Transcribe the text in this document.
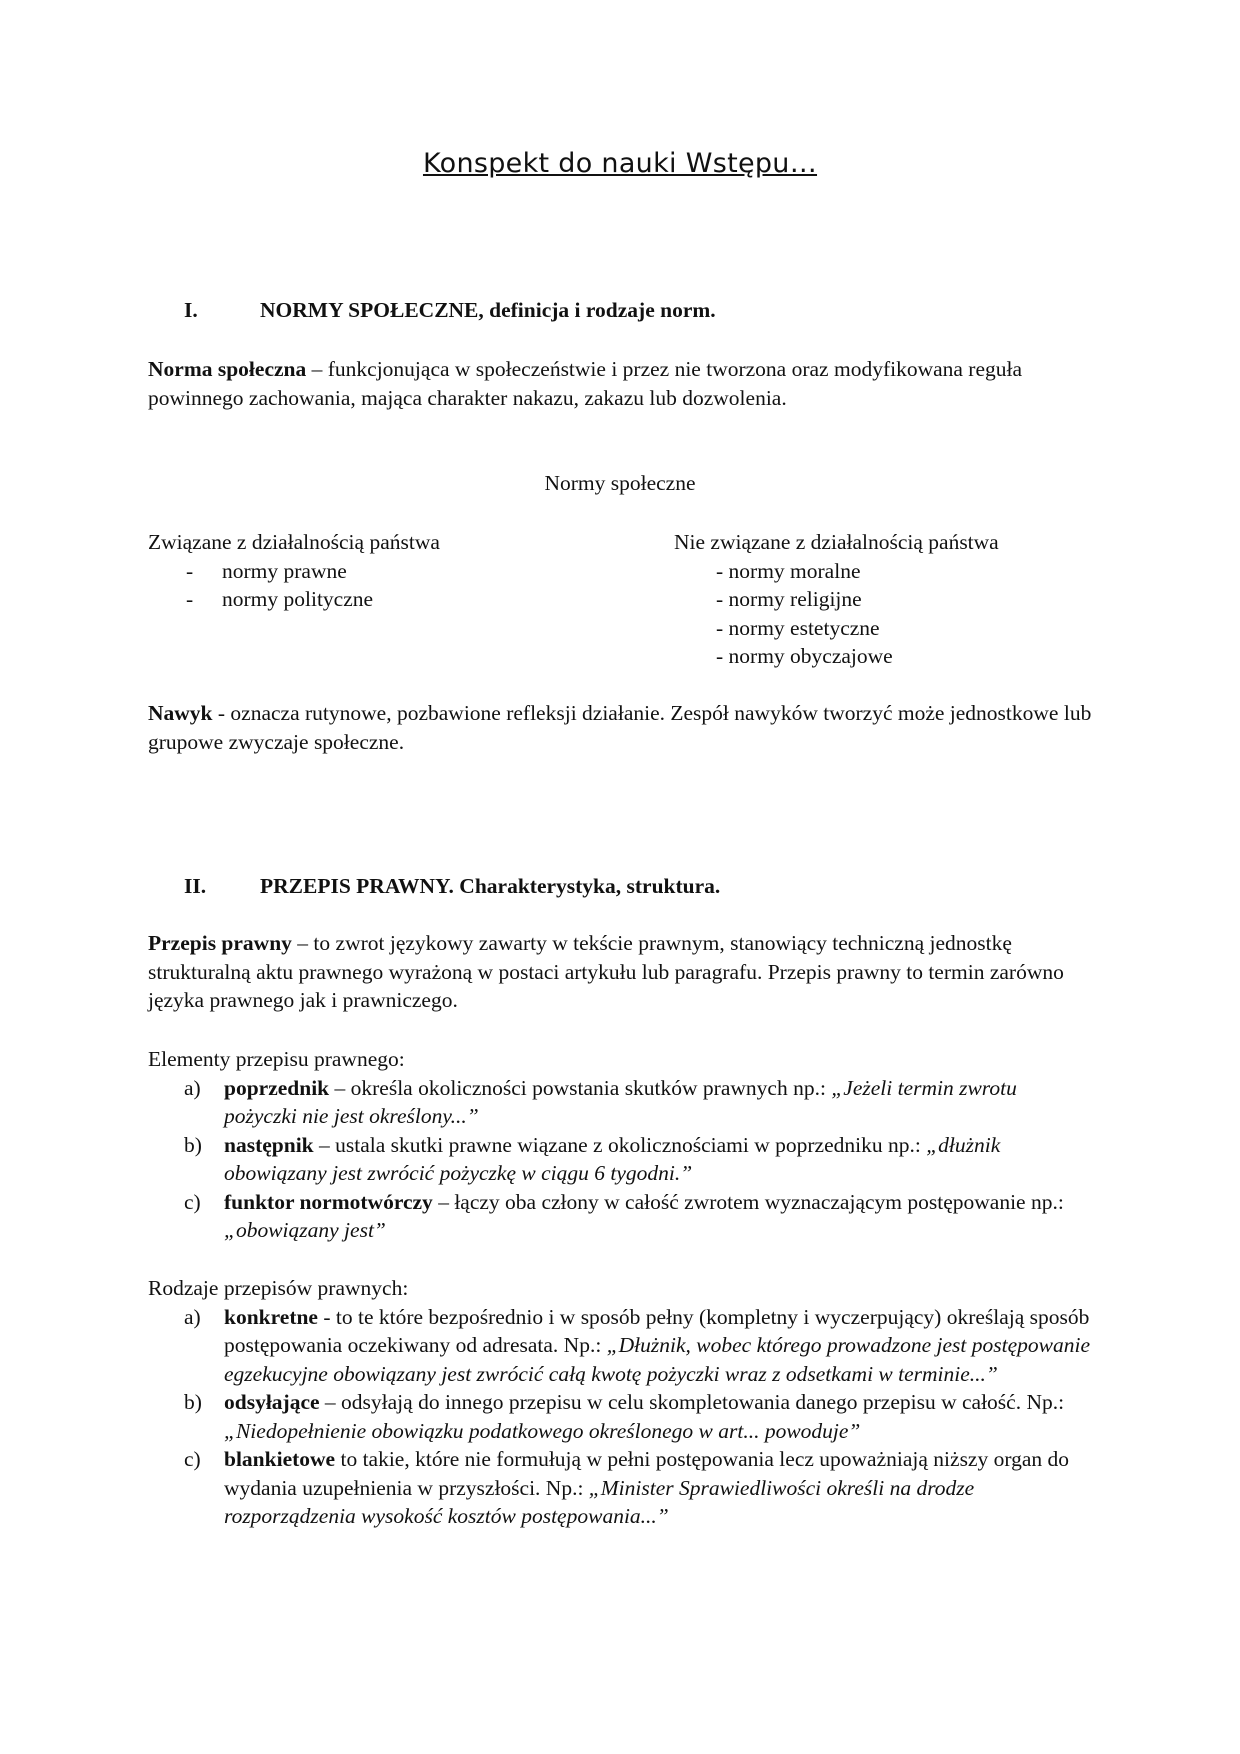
Konspekt do nauki Wstępu…
I.	NORMY SPOŁECZNE, definicja i rodzaje norm.
Norma społeczna – funkcjonująca w społeczeństwie i przez nie tworzona oraz modyfikowana reguła powinnego zachowania, mająca charakter nakazu, zakazu lub dozwolenia.
Normy społeczne
Związane z działalnością państwa
- normy prawne
- normy polityczne
Nie związane z działalnością państwa
- normy moralne
- normy religijne
- normy estetyczne
- normy obyczajowe
Nawyk - oznacza rutynowe, pozbawione refleksji działanie. Zespół nawyków tworzyć może jednostkowe lub grupowe zwyczaje społeczne.
II.	PRZEPIS PRAWNY. Charakterystyka, struktura.
Przepis prawny – to zwrot językowy zawarty w tekście prawnym, stanowiący techniczną jednostkę strukturalną aktu prawnego wyrażoną w postaci artykułu lub paragrafu. Przepis prawny to termin zarówno języka prawnego jak i prawniczego.
Elementy przepisu prawnego:
a) poprzednik – określa okoliczności powstania skutków prawnych np.: „Jeżeli termin zwrotu pożyczki nie jest określony...”
b) następnik – ustala skutki prawne wiązane z okolicznościami w poprzedniku np.: „dłużnik obowiązany jest zwrócić pożyczkę w ciągu 6 tygodni.”
c) funktor normotwórczy – łączy oba człony w całość zwrotem wyznaczającym postępowanie np.: „obowiązany jest”
Rodzaje przepisów prawnych:
a) konkretne - to te które bezpośrednio i w sposób pełny (kompletny i wyczerpujący) określają sposób postępowania oczekiwany od adresata. Np.: „Dłużnik, wobec którego prowadzone jest postępowanie egzekucyjne obowiązany jest zwrócić całą kwotę pożyczki wraz z odsetkami w terminie...”
b) odsyłające – odsyłają do innego przepisu w celu skompletowania danego przepisu w całość. Np.: „Niedopełnienie obowiązku podatkowego określonego w art... powoduje”
c) blankietowe to takie, które nie formułują w pełni postępowania lecz upoważniają niższy organ do wydania uzupełnienia w przyszłości. Np.: „Minister Sprawiedliwości określi na drodze rozporządzenia wysokość kosztów postępowania...”
